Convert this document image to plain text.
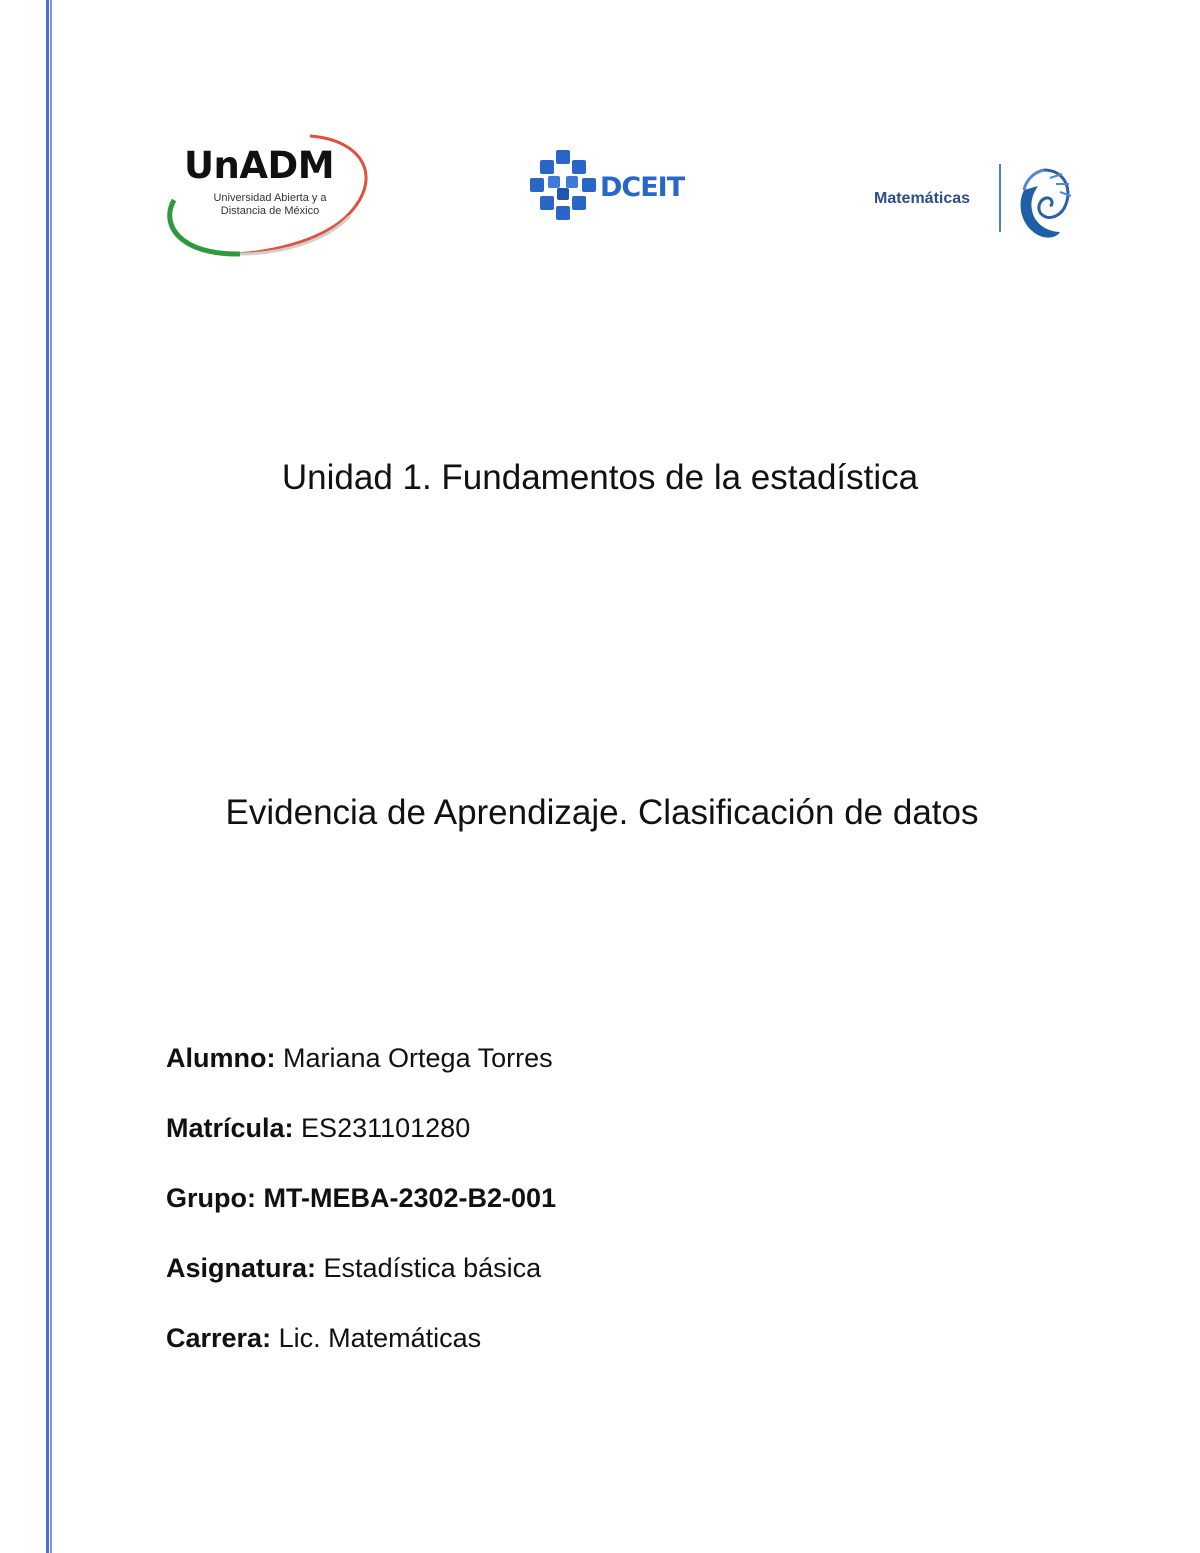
UnADM
Universidad Abierta y a
Distancia de México
DCEIT	Matemáticas
Unidad 1. Fundamentos de la estadística
Evidencia de Aprendizaje. Clasificación de datos
Alumno: Mariana Ortega Torres
Matrícula: ES231101280
Grupo: MT-MEBA-2302-B2-001
Asignatura: Estadística básica
Carrera: Lic. Matemáticas
